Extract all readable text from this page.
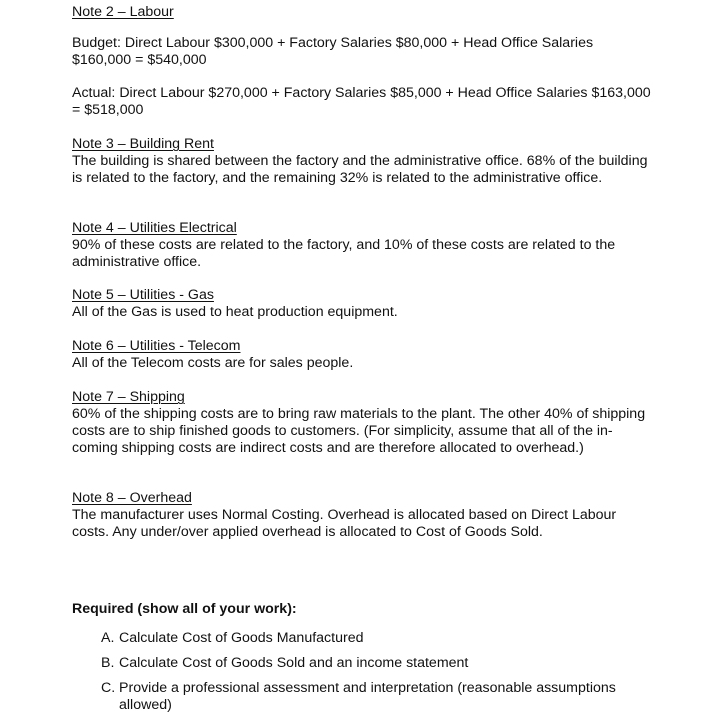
Note 2 – Labour

Budget: Direct Labour $300,000 + Factory Salaries $80,000 + Head Office Salaries $160,000 = $540,000

Actual: Direct Labour $270,000 + Factory Salaries $85,000 + Head Office Salaries $163,000 = $518,000

Note 3 – Building Rent

The building is shared between the factory and the administrative office. 68% of the building is related to the factory, and the remaining 32% is related to the administrative office.

Note 4 – Utilities Electrical

90% of these costs are related to the factory, and 10% of these costs are related to the administrative office.

Note 5 – Utilities - Gas

All of the Gas is used to heat production equipment.

Note 6 – Utilities - Telecom

All of the Telecom costs are for sales people.

Note 7 – Shipping

60% of the shipping costs are to bring raw materials to the plant. The other 40% of shipping costs are to ship finished goods to customers. (For simplicity, assume that all of the in-coming shipping costs are indirect costs and are therefore allocated to overhead.)

Note 8 – Overhead

The manufacturer uses Normal Costing. Overhead is allocated based on Direct Labour costs. Any under/over applied overhead is allocated to Cost of Goods Sold.

Required (show all of your work):
A. Calculate Cost of Goods Manufactured
B. Calculate Cost of Goods Sold and an income statement
C. Provide a professional assessment and interpretation (reasonable assumptions allowed)
